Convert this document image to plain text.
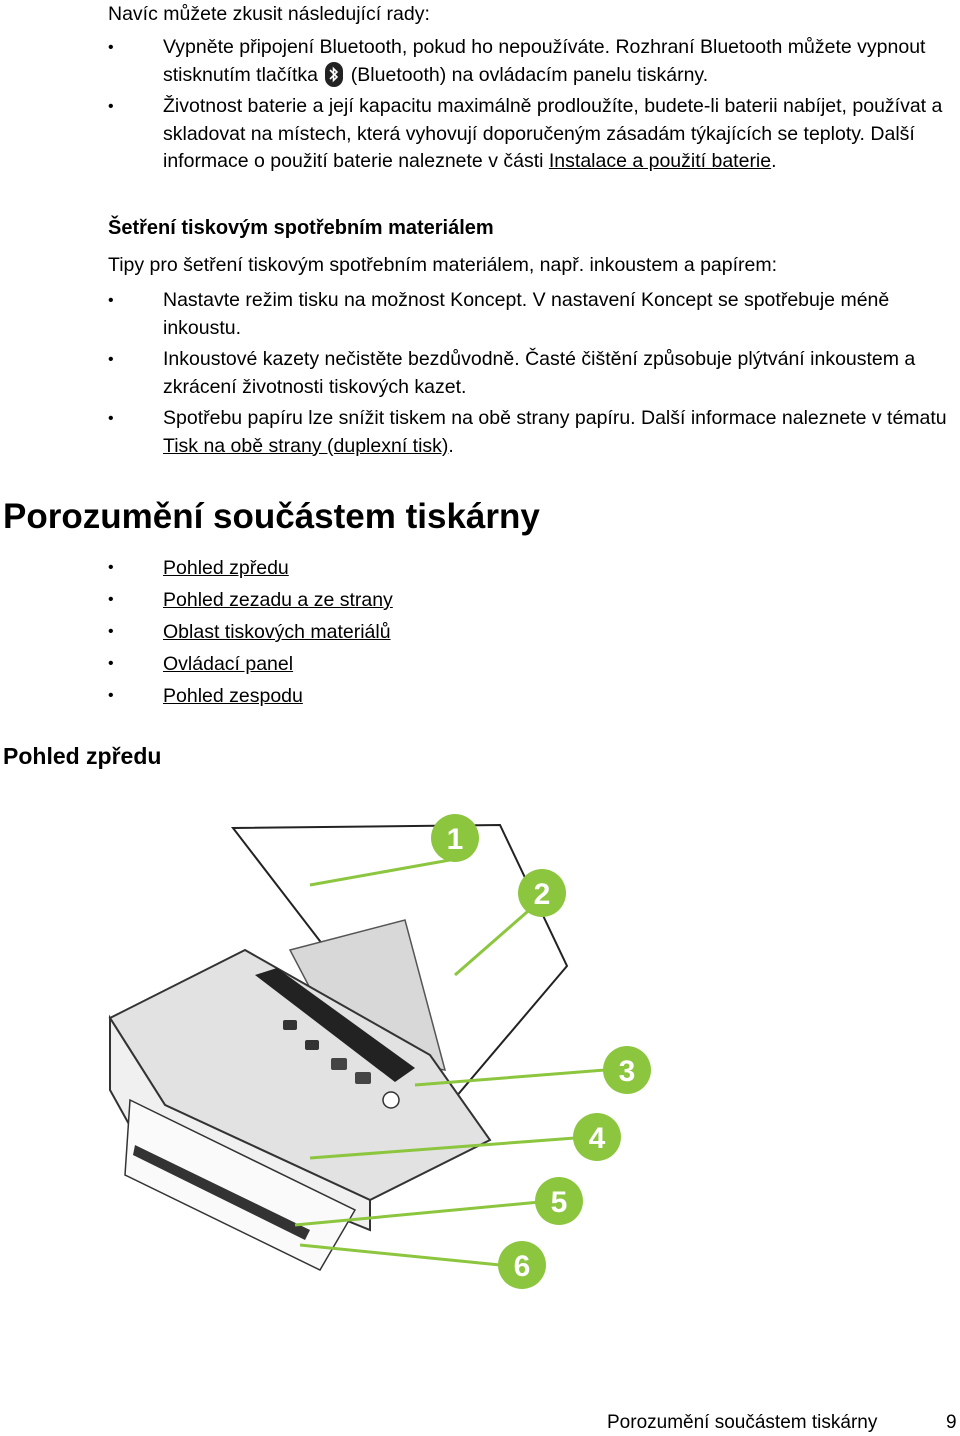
Navíc můžete zkusit následující rady:

•	Vypněte připojení Bluetooth, pokud ho nepoužíváte. Rozhraní Bluetooth můžete vypnout stisknutím tlačítka
(Bluetooth) na ovládacím panelu tiskárny.
•	Životnost baterie a její kapacitu maximálně prodloužíte, budete-li baterii nabíjet, používat a skladovat na místech, která vyhovují doporučeným zásadám týkajících se teploty. Další informace o použití baterie naleznete v části Instalace a použití baterie.

Šetření tiskovým spotřebním materiálem

Tipy pro šetření tiskovým spotřebním materiálem, např. inkoustem a papírem:

•	Nastavte režim tisku na možnost Koncept. V nastavení Koncept se spotřebuje méně inkoustu.
•	Inkoustové kazety nečistěte bezdůvodně. Časté čištění způsobuje plýtvání inkoustem a zkrácení životnosti tiskových kazet.
•	Spotřebu papíru lze snížit tiskem na obě strany papíru. Další informace naleznete v tématu Tisk na obě strany (duplexní tisk).
Porozumění součástem tiskárny
•	Pohled zpředu
•	Pohled zezadu a ze strany
•	Oblast tiskových materiálů
•	Ovládací panel
•	Pohled zespodu
Pohled zpředu
1
2
3
4
5
6
Porozumění součástem tiskárny	9
